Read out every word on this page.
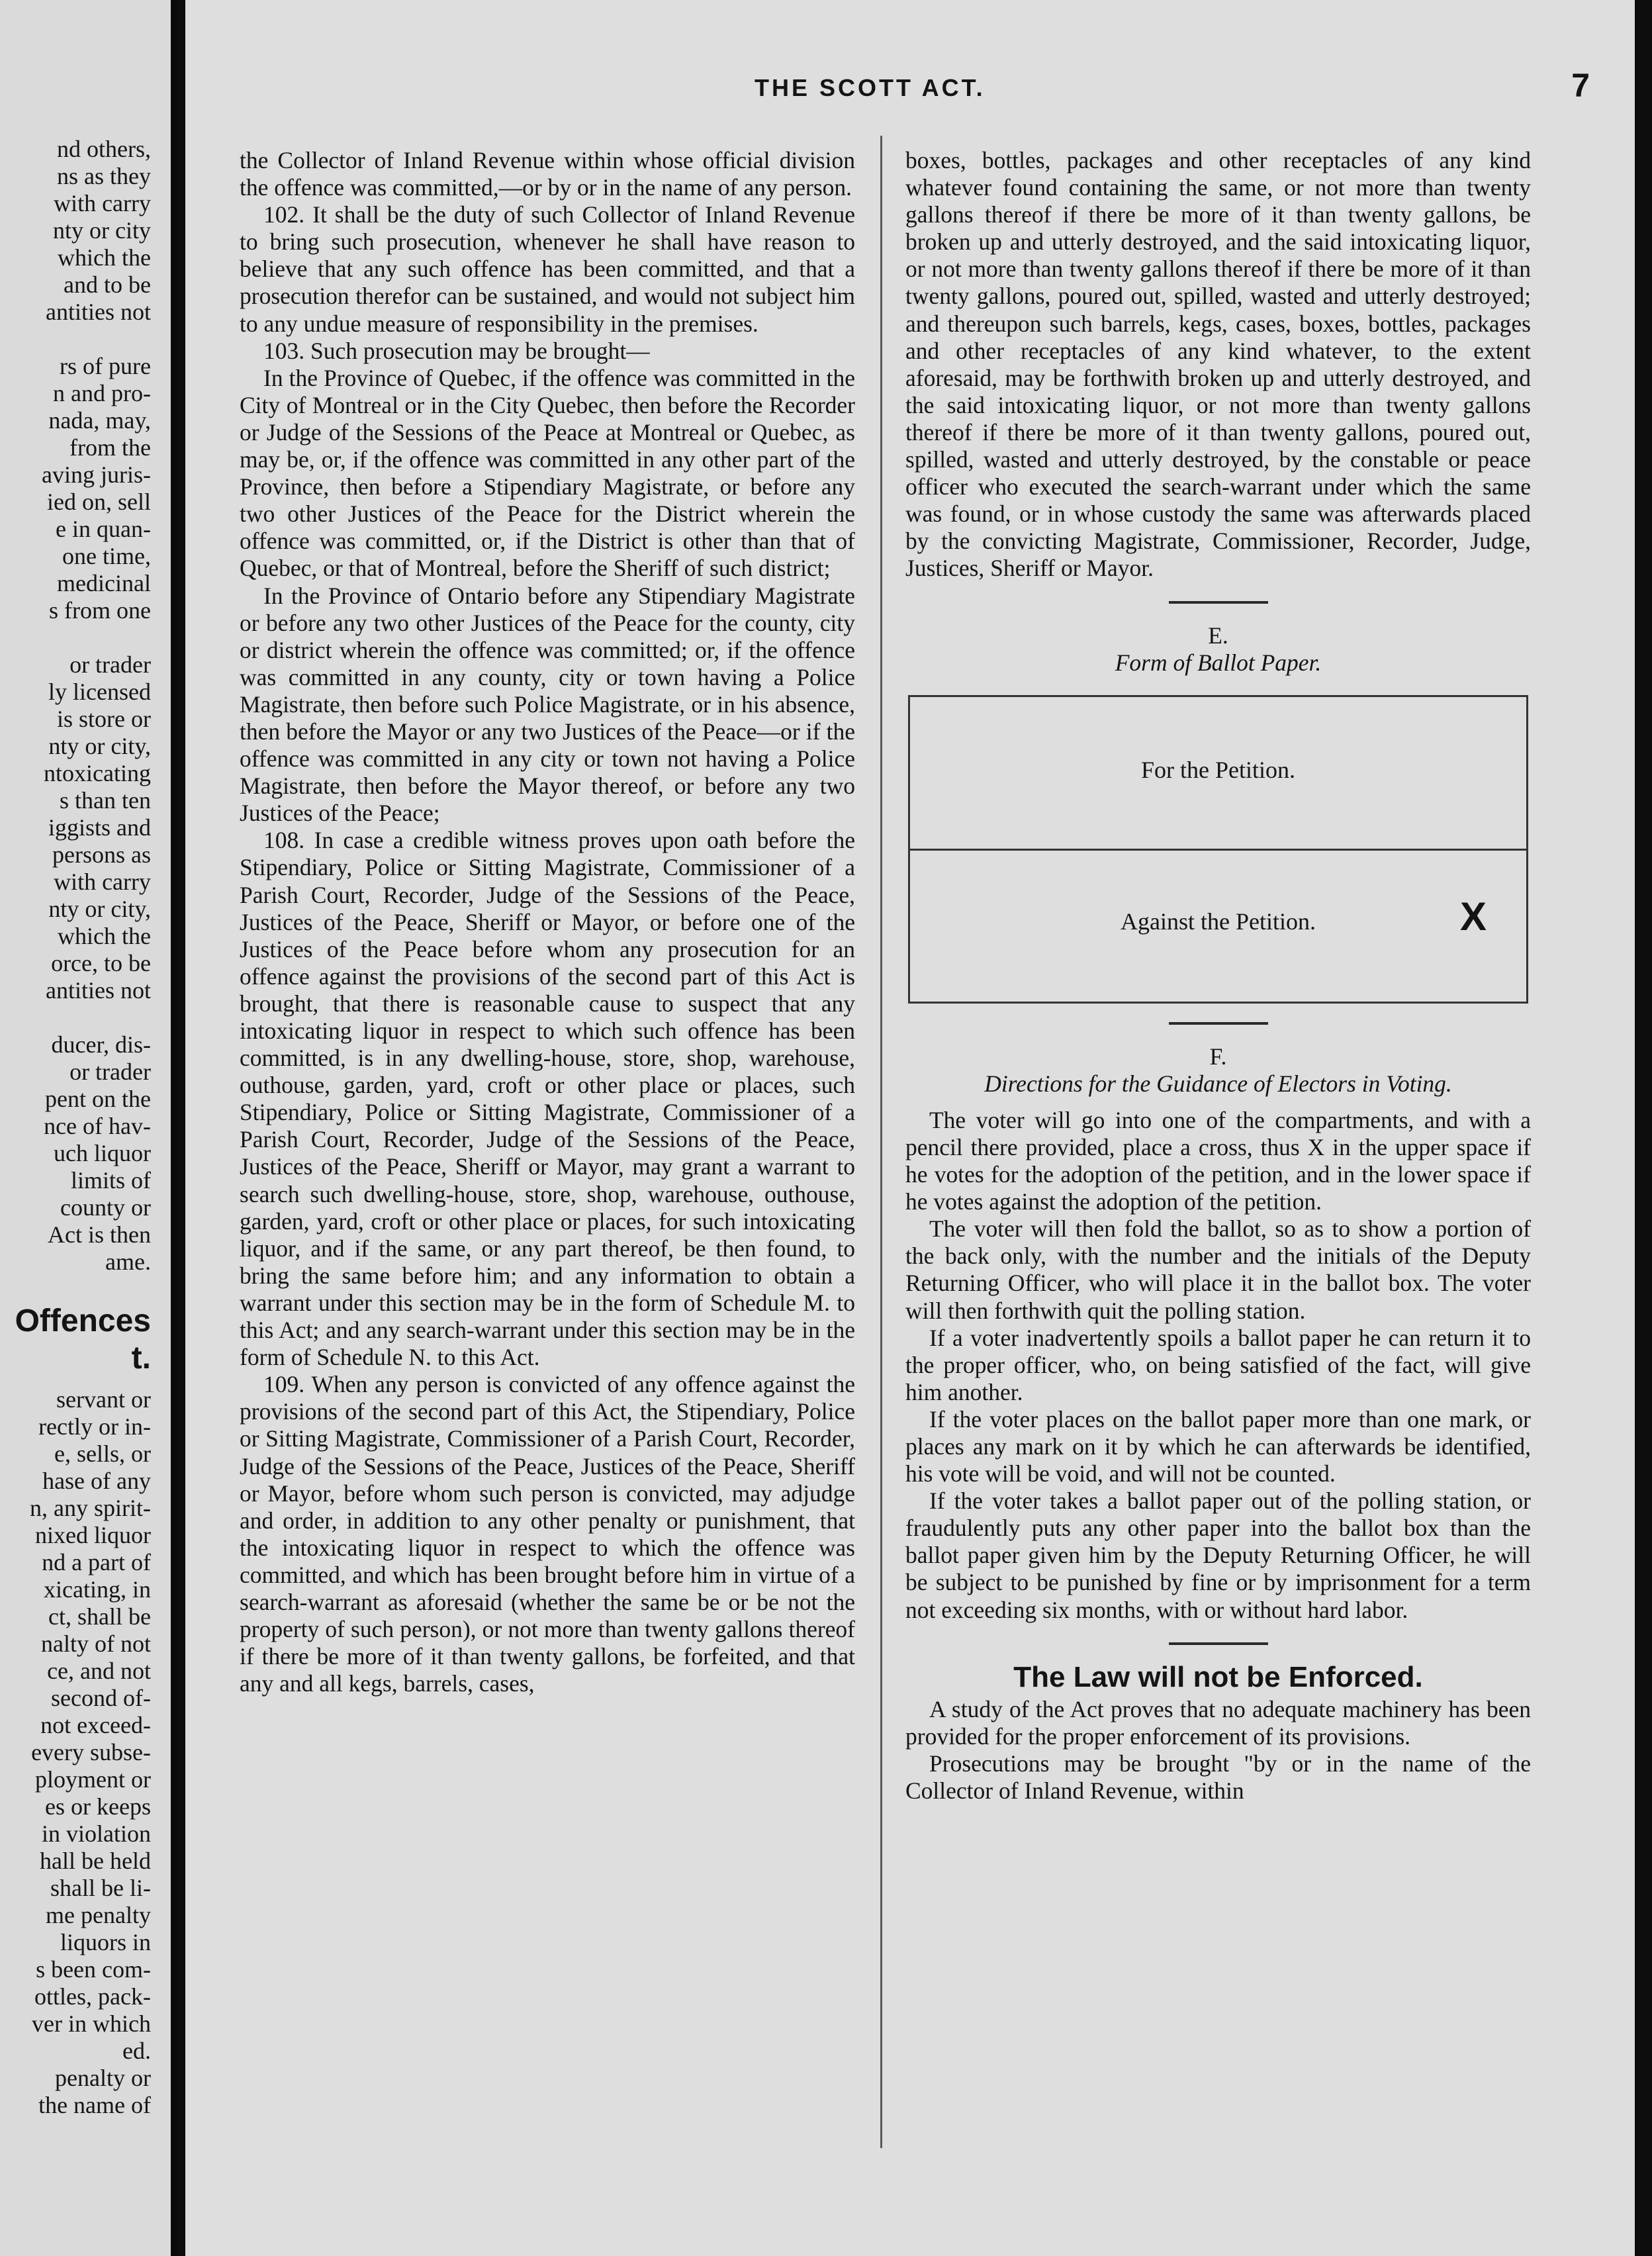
nd others,
ns as they
with carry
nty or city
which the
and to be
antities not
rs of pure
n and pro-
nada, may,
from the
aving juris-
ied on, sell
e in quan-
one time,
medicinal
s from one
or trader
ly licensed
is store or
nty or city,
ntoxicating
s than ten
iggists and
persons as
with carry
nty or city,
which the
orce, to be
antities not
ducer, dis-
or trader
pent on the
nce of hav-
uch liquor
limits of
county or
Act is then
ame.
Offences
t.
servant or
rectly or in-
e, sells, or
hase of any
n, any spirit-
nixed liquor
nd a part of
xicating, in
ct, shall be
nalty of not
ce, and not
second of-
not exceed-
every subse-
ployment or
es or keeps
in violation
hall be held
shall be li-
me penalty
liquors in
s been com-
ottles, pack-
ver in which
ed.
penalty or
the name of
THE SCOTT ACT.	7

the Collector of Inland Revenue within whose official division the offence was committed,—or by or in the name of any person.

102. It shall be the duty of such Collector of Inland Revenue to bring such prosecution, whenever he shall have reason to believe that any such offence has been committed, and that a prosecution therefor can be sustained, and would not subject him to any undue measure of responsibility in the premises.

103. Such prosecution may be brought—

In the Province of Quebec, if the offence was committed in the City of Montreal or in the City Quebec, then before the Recorder or Judge of the Sessions of the Peace at Montreal or Quebec, as may be, or, if the offence was committed in any other part of the Province, then before a Stipendiary Magistrate, or before any two other Justices of the Peace for the District wherein the offence was committed, or, if the District is other than that of Quebec, or that of Montreal, before the Sheriff of such district;

In the Province of Ontario before any Stipendiary Magistrate or before any two other Justices of the Peace for the county, city or district wherein the offence was committed; or, if the offence was committed in any county, city or town having a Police Magistrate, then before such Police Magistrate, or in his absence, then before the Mayor or any two Justices of the Peace—or if the offence was committed in any city or town not having a Police Magistrate, then before the Mayor thereof, or before any two Justices of the Peace;

108. In case a credible witness proves upon oath before the Stipendiary, Police or Sitting Magistrate, Commissioner of a Parish Court, Recorder, Judge of the Sessions of the Peace, Justices of the Peace, Sheriff or Mayor, or before one of the Justices of the Peace before whom any prosecution for an offence against the provisions of the second part of this Act is brought, that there is reasonable cause to suspect that any intoxicating liquor in respect to which such offence has been committed, is in any dwelling-house, store, shop, warehouse, outhouse, garden, yard, croft or other place or places, such Stipendiary, Police or Sitting Magistrate, Commissioner of a Parish Court, Recorder, Judge of the Sessions of the Peace, Justices of the Peace, Sheriff or Mayor, may grant a warrant to search such dwelling-house, store, shop, warehouse, outhouse, garden, yard, croft or other place or places, for such intoxicating liquor, and if the same, or any part thereof, be then found, to bring the same before him; and any information to obtain a warrant under this section may be in the form of Schedule M. to this Act; and any search-warrant under this section may be in the form of Schedule N. to this Act.

109. When any person is convicted of any offence against the provisions of the second part of this Act, the Stipendiary, Police or Sitting Magistrate, Commissioner of a Parish Court, Recorder, Judge of the Sessions of the Peace, Justices of the Peace, Sheriff or Mayor, before whom such person is convicted, may adjudge and order, in addition to any other penalty or punishment, that the intoxicating liquor in respect to which the offence was committed, and which has been brought before him in virtue of a search-warrant as aforesaid (whether the same be or be not the property of such person), or not more than twenty gallons thereof if there be more of it than twenty gallons, be forfeited, and that any and all kegs, barrels, cases,

boxes, bottles, packages and other receptacles of any kind whatever found containing the same, or not more than twenty gallons thereof if there be more of it than twenty gallons, be broken up and utterly destroyed, and the said intoxicating liquor, or not more than twenty gallons thereof if there be more of it than twenty gallons, poured out, spilled, wasted and utterly destroyed; and thereupon such barrels, kegs, cases, boxes, bottles, packages and other receptacles of any kind whatever, to the extent aforesaid, may be forthwith broken up and utterly destroyed, and the said intoxicating liquor, or not more than twenty gallons thereof if there be more of it than twenty gallons, poured out, spilled, wasted and utterly destroyed, by the constable or peace officer who executed the search-warrant under which the same was found, or in whose custody the same was afterwards placed by the convicting Magistrate, Commissioner, Recorder, Judge, Justices, Sheriff or Mayor.

E.

Form of Ballot Paper.

For the Petition.
Against the Petition.	X

F.

Directions for the Guidance of Electors in Voting.

The voter will go into one of the compartments, and with a pencil there provided, place a cross, thus X in the upper space if he votes for the adoption of the petition, and in the lower space if he votes against the adoption of the petition.

The voter will then fold the ballot, so as to show a portion of the back only, with the number and the initials of the Deputy Returning Officer, who will place it in the ballot box. The voter will then forthwith quit the polling station.

If a voter inadvertently spoils a ballot paper he can return it to the proper officer, who, on being satisfied of the fact, will give him another.

If the voter places on the ballot paper more than one mark, or places any mark on it by which he can afterwards be identified, his vote will be void, and will not be counted.

If the voter takes a ballot paper out of the polling station, or fraudulently puts any other paper into the ballot box than the ballot paper given him by the Deputy Returning Officer, he will be subject to be punished by fine or by imprisonment for a term not exceeding six months, with or without hard labor.

The Law will not be Enforced.

A study of the Act proves that no adequate machinery has been provided for the proper enforcement of its provisions.

Prosecutions may be brought "by or in the name of the Collector of Inland Revenue, within
